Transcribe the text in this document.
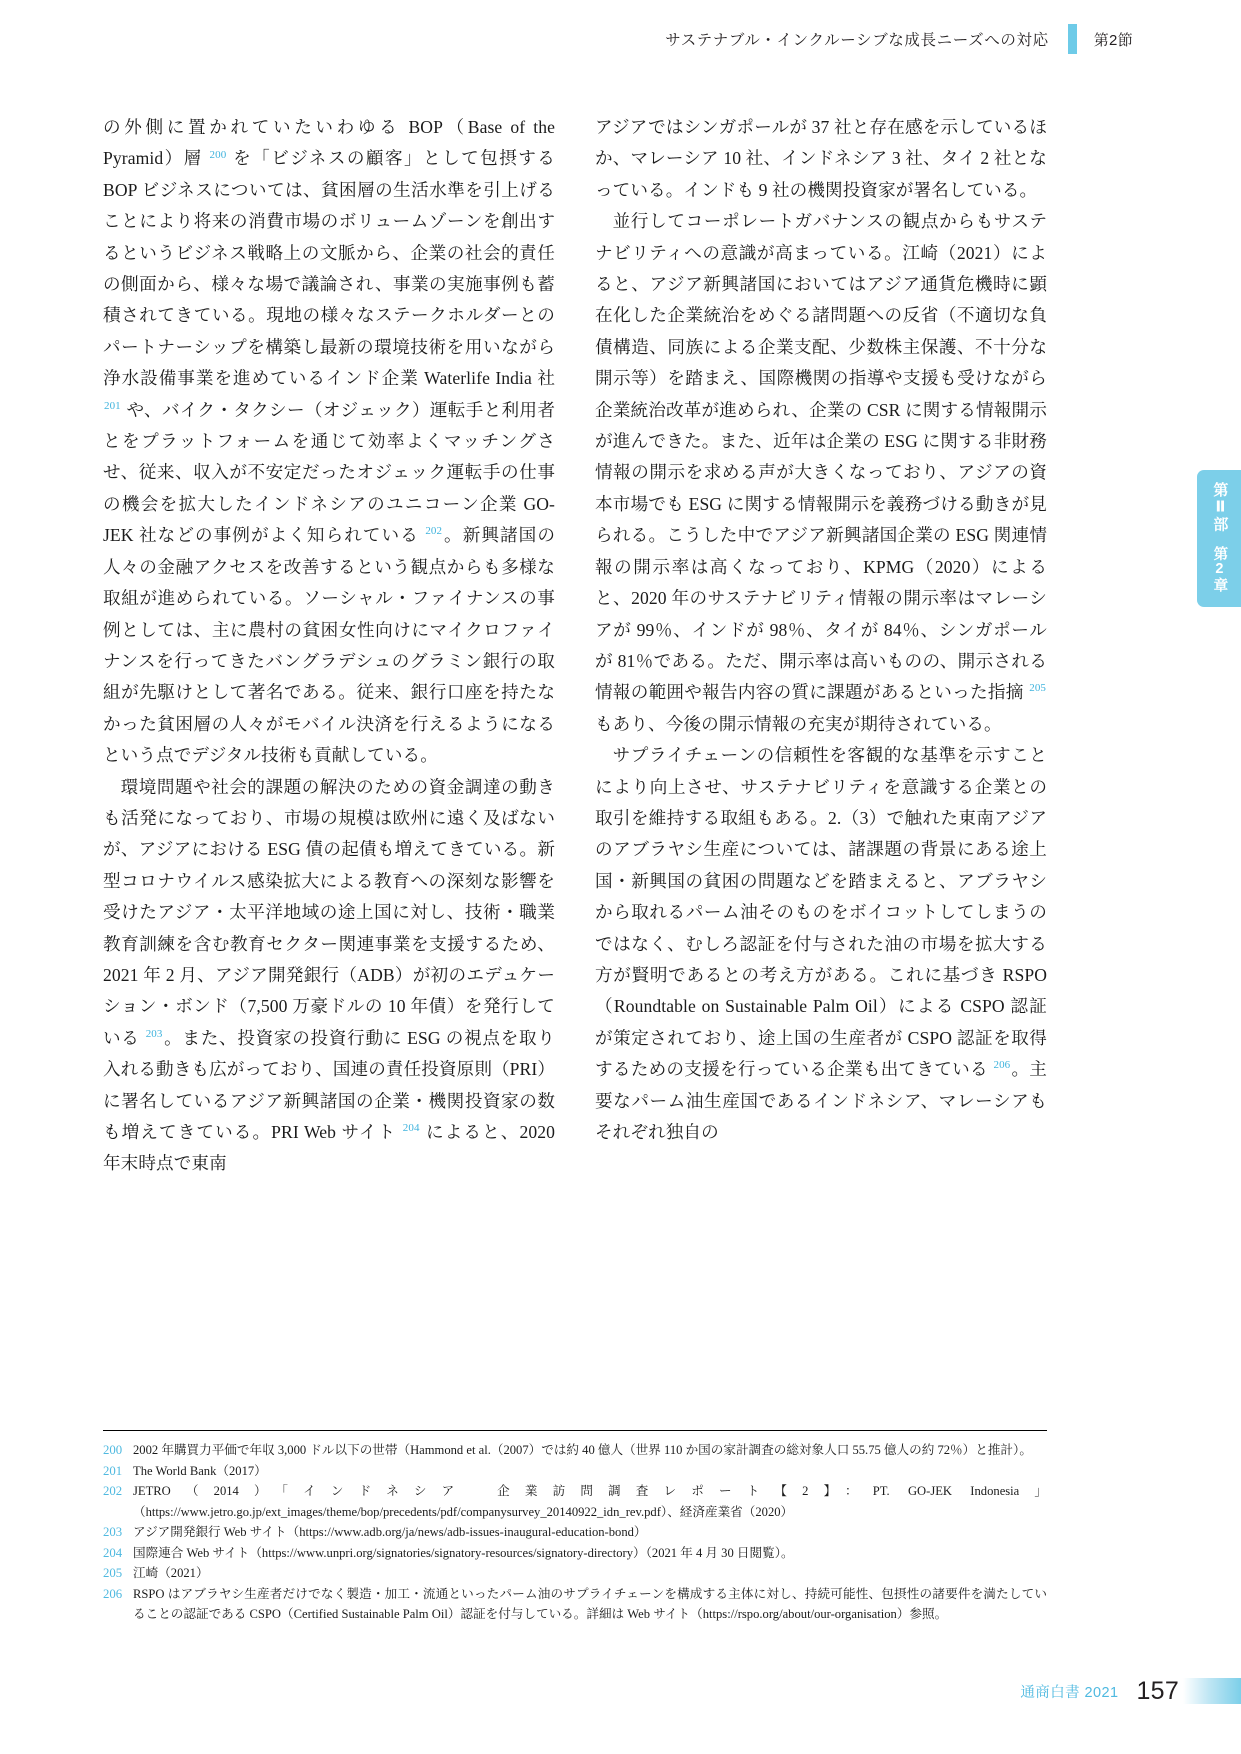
サステナブル・インクルーシブな成長ニーズへの対応	第2節
第Ⅱ部
第2章

の外側に置かれていたいわゆる BOP（Base of the Pyramid）層 $^{200}$ を「ビジネスの顧客」として包摂する BOP ビジネスについては、貧困層の生活水準を引上げることにより将来の消費市場のボリュームゾーンを創出するというビジネス戦略上の文脈から、企業の社会的責任の側面から、様々な場で議論され、事業の実施事例も蓄積されてきている。現地の様々なステークホルダーとのパートナーシップを構築し最新の環境技術を用いながら浄水設備事業を進めているインド企業 Waterlife India 社 $^{201}$ や、バイク・タクシー（オジェック）運転手と利用者とをプラットフォームを通じて効率よくマッチングさせ、従来、収入が不安定だったオジェック運転手の仕事の機会を拡大したインドネシアのユニコーン企業 GO-JEK 社などの事例がよく知られている $^{202}$。新興諸国の人々の金融アクセスを改善するという観点からも多様な取組が進められている。ソーシャル・ファイナンスの事例としては、主に農村の貧困女性向けにマイクロファイナンスを行ってきたバングラデシュのグラミン銀行の取組が先駆けとして著名である。従来、銀行口座を持たなかった貧困層の人々がモバイル決済を行えるようになるという点でデジタル技術も貢献している。

環境問題や社会的課題の解決のための資金調達の動きも活発になっており、市場の規模は欧州に遠く及ばないが、アジアにおける ESG 債の起債も増えてきている。新型コロナウイルス感染拡大による教育への深刻な影響を受けたアジア・太平洋地域の途上国に対し、技術・職業教育訓練を含む教育セクター関連事業を支援するため、2021 年 2 月、アジア開発銀行（ADB）が初のエデュケーション・ボンド（7,500 万豪ドルの 10 年債）を発行している $^{203}$。また、投資家の投資行動に ESG の視点を取り入れる動きも広がっており、国連の責任投資原則（PRI）に署名しているアジア新興諸国の企業・機関投資家の数も増えてきている。PRI Web サイト $^{204}$ によると、2020 年末時点で東南

アジアではシンガポールが 37 社と存在感を示しているほか、マレーシア 10 社、インドネシア 3 社、タイ 2 社となっている。インドも 9 社の機関投資家が署名している。

並行してコーポレートガバナンスの観点からもサステナビリティへの意識が高まっている。江崎（2021）によると、アジア新興諸国においてはアジア通貨危機時に顕在化した企業統治をめぐる諸問題への反省（不適切な負債構造、同族による企業支配、少数株主保護、不十分な開示等）を踏まえ、国際機関の指導や支援も受けながら企業統治改革が進められ、企業の CSR に関する情報開示が進んできた。また、近年は企業の ESG に関する非財務情報の開示を求める声が大きくなっており、アジアの資本市場でも ESG に関する情報開示を義務づける動きが見られる。こうした中でアジア新興諸国企業の ESG 関連情報の開示率は高くなっており、KPMG（2020）によると、2020 年のサステナビリティ情報の開示率はマレーシアが 99％、インドが 98％、タイが 84％、シンガポールが 81％である。ただ、開示率は高いものの、開示される情報の範囲や報告内容の質に課題があるといった指摘 $^{205}$ もあり、今後の開示情報の充実が期待されている。

サプライチェーンの信頼性を客観的な基準を示すことにより向上させ、サステナビリティを意識する企業との取引を維持する取組もある。2.（3）で触れた東南アジアのアブラヤシ生産については、諸課題の背景にある途上国・新興国の貧困の問題などを踏まえると、アブラヤシから取れるパーム油そのものをボイコットしてしまうのではなく、むしろ認証を付与された油の市場を拡大する方が賢明であるとの考え方がある。これに基づき RSPO（Roundtable on Sustainable Palm Oil）による CSPO 認証が策定されており、途上国の生産者が CSPO 認証を取得するための支援を行っている企業も出てきている $^{206}$。主要なパーム油生産国であるインドネシア、マレーシアもそれぞれ独自の

200 2002 年購買力平価で年収 3,000 ドル以下の世帯（Hammond et al.（2007）では約 40 億人（世界 110 か国の家計調査の総対象人口 55.75 億人の約 72％）と推計）。
201 The World Bank（2017）
202 JETRO（2014）「インドネシア　企業訪問調査レポート【2】：PT. GO-JEK Indonesia」（https://www.jetro.go.jp/ext_images/theme/bop/precedents/pdf/companysurvey_20140922_idn_rev.pdf）、経済産業省（2020）
203 アジア開発銀行 Web サイト（https://www.adb.org/ja/news/adb-issues-inaugural-education-bond）
204 国際連合 Web サイト（https://www.unpri.org/signatories/signatory-resources/signatory-directory）（2021 年 4 月 30 日閲覧）。
205 江崎（2021）
206 RSPO はアブラヤシ生産者だけでなく製造・加工・流通といったパーム油のサプライチェーンを構成する主体に対し、持続可能性、包摂性の諸要件を満たしていることの認証である CSPO（Certified Sustainable Palm Oil）認証を付与している。詳細は Web サイト（https://rspo.org/about/our-organisation）参照。
通商白書 2021 157
